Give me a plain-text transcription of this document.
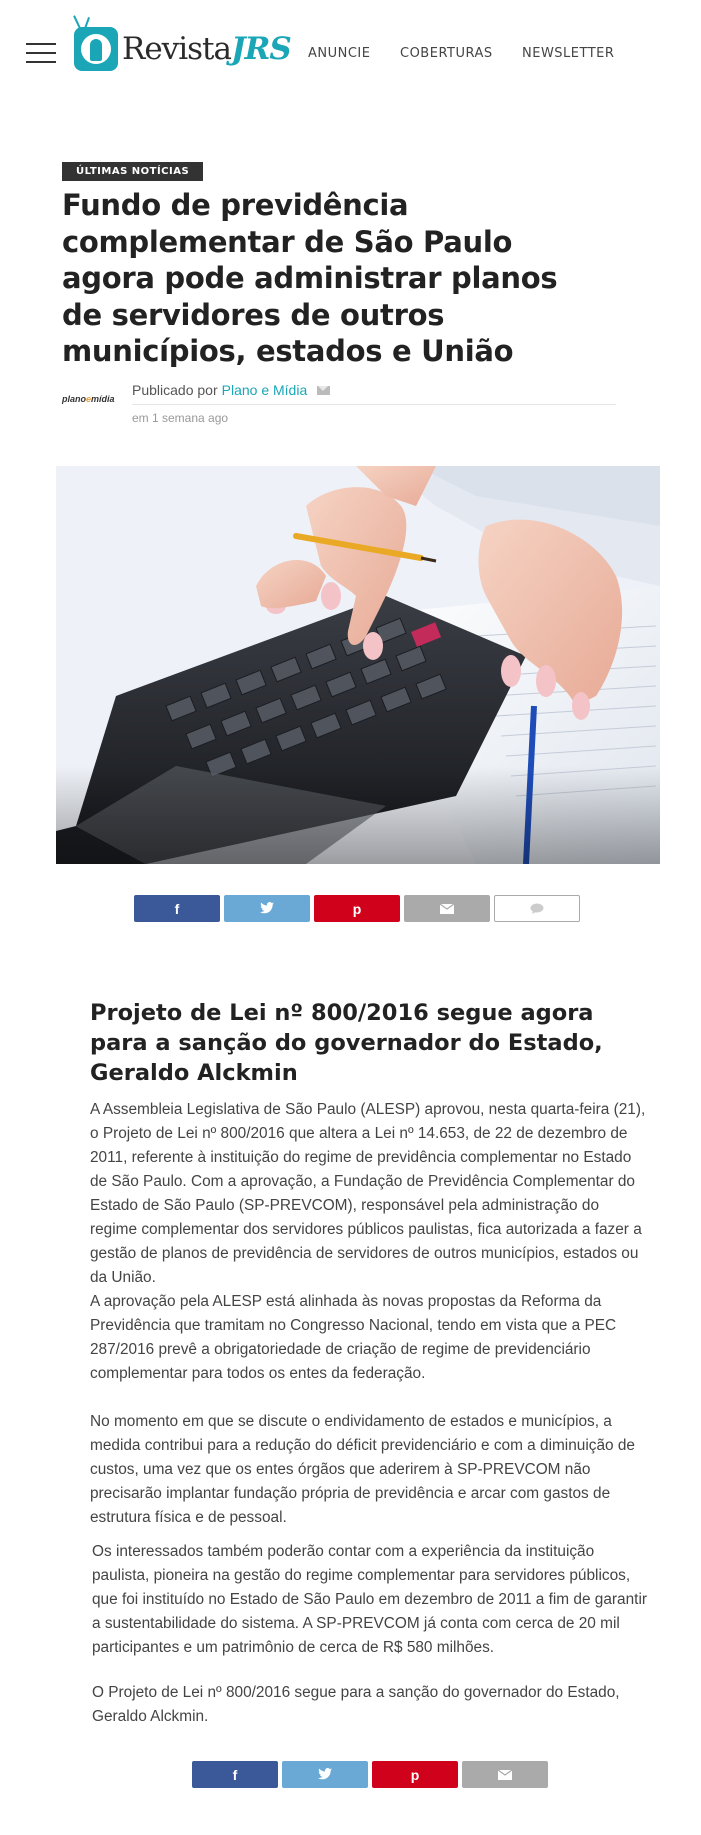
RevistaJRS ANUNCIE	COBERTURAS	NEWSLETTER
ÚLTIMAS NOTÍCIAS
Fundo de previdência complementar de São Paulo agora pode administrar planos de servidores de outros municípios, estados e União
planoemídia
Publicado por Plano e Mídia
em 1 semana ago
f	p
Projeto de Lei nº 800/2016 segue agora para a sanção do governador do Estado, Geraldo Alckmin

A Assembleia Legislativa de São Paulo (ALESP) aprovou, nesta quarta-feira (21), o Projeto de Lei nº 800/2016 que altera a Lei nº 14.653, de 22 de dezembro de 2011, referente à instituição do regime de previdência complementar no Estado de São Paulo. Com a aprovação, a Fundação de Previdência Complementar do Estado de São Paulo (SP-PREVCOM), responsável pela administração do regime complementar dos servidores públicos paulistas, fica autorizada a fazer a gestão de planos de previdência de servidores de outros municípios, estados ou da União.

A aprovação pela ALESP está alinhada às novas propostas da Reforma da Previdência que tramitam no Congresso Nacional, tendo em vista que a PEC 287/2016 prevê a obrigatoriedade de criação de regime de previdenciário complementar para todos os entes da federação.

No momento em que se discute o endividamento de estados e municípios, a medida contribui para a redução do déficit previdenciário e com a diminuição de custos, uma vez que os entes órgãos que aderirem à SP-PREVCOM não precisarão implantar fundação própria de previdência e arcar com gastos de estrutura física e de pessoal.

Os interessados também poderão contar com a experiência da instituição paulista, pioneira na gestão do regime complementar para servidores públicos, que foi instituído no Estado de São Paulo em dezembro de 2011 a fim de garantir a sustentabilidade do sistema. A SP-PREVCOM já conta com cerca de 20 mil participantes e um patrimônio de cerca de R$ 580 milhões.

O Projeto de Lei nº 800/2016 segue para a sanção do governador do Estado, Geraldo Alckmin.

f	p
